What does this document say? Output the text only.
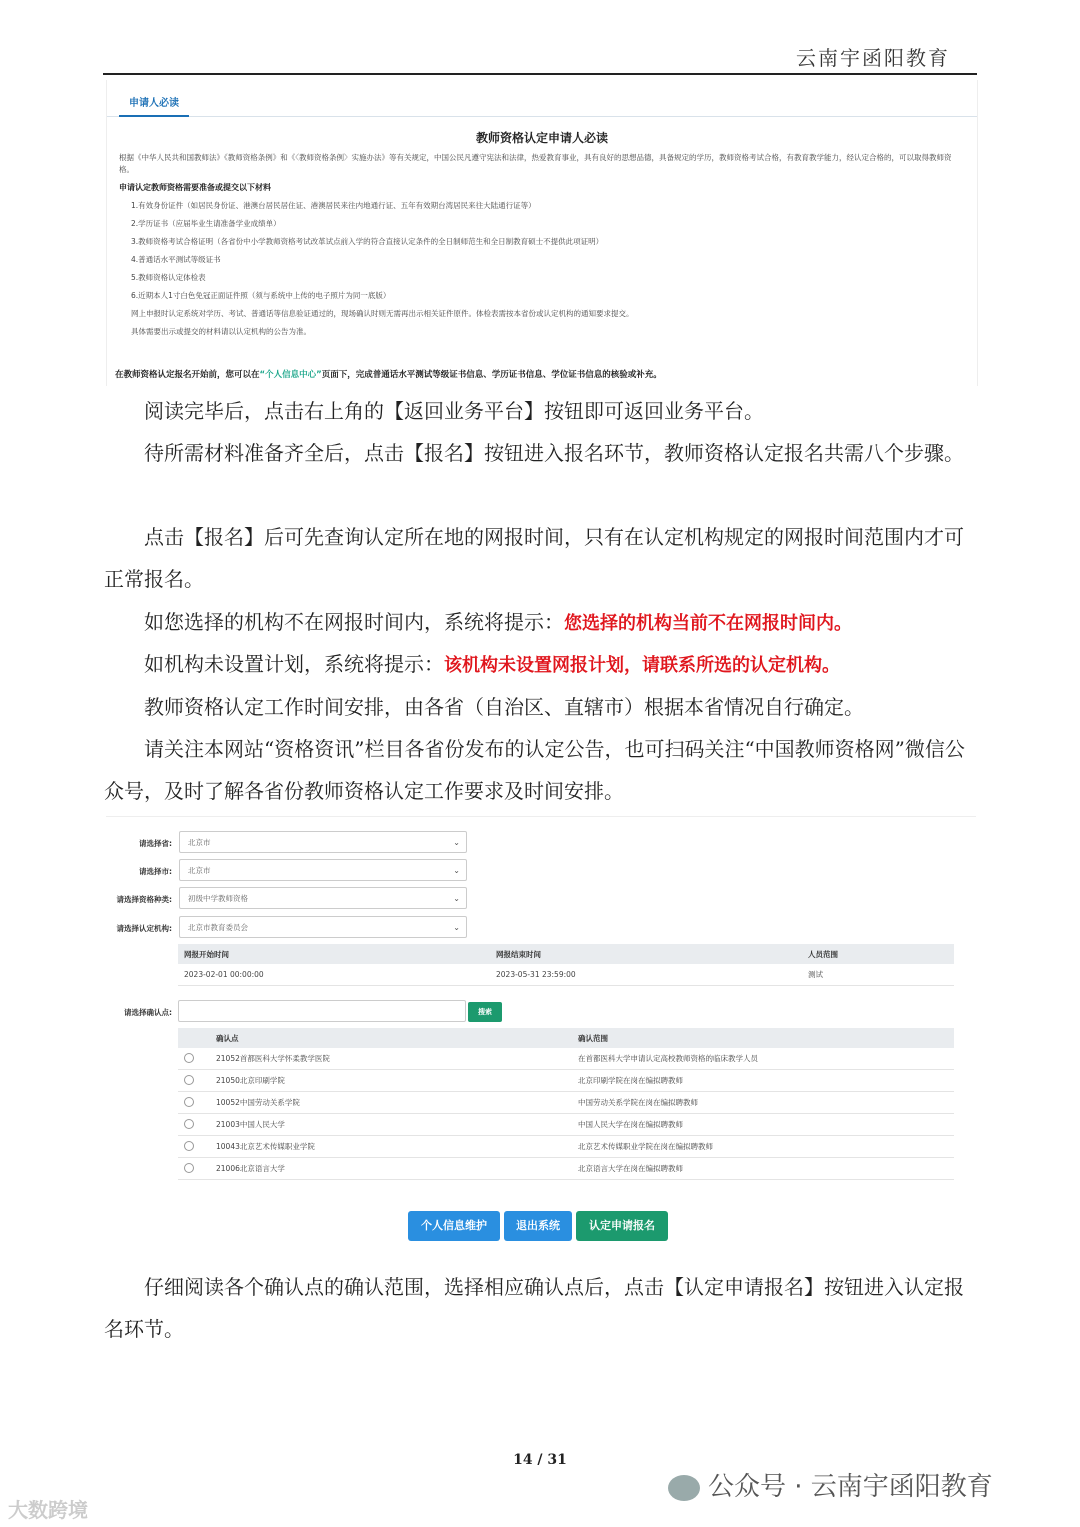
云南宇函阳教育
申请人必读
教师资格认定申请人必读
根据《中华人民共和国教师法》《教师资格条例》和《〈教师资格条例〉实施办法》等有关规定，中国公民凡遵守宪法和法律，热爱教育事业，具有良好的思想品德，具备规定的学历，教师资格考试合格，有教育教学能力，经认定合格的，可以取得教师资格。
申请认定教师资格需要准备或提交以下材料
1.有效身份证件（如居民身份证、港澳台居民居住证、港澳居民来往内地通行证、五年有效期台湾居民来往大陆通行证等）
2.学历证书（应届毕业生请准备学业成绩单）
3.教师资格考试合格证明（各省份中小学教师资格考试改革试点前入学的符合直接认定条件的全日制师范生和全日制教育硕士不提供此项证明）
4.普通话水平测试等级证书
5.教师资格认定体检表
6.近期本人1寸白色免冠正面证件照（须与系统中上传的电子照片为同一底版）
网上申报时认定系统对学历、考试、普通话等信息验证通过的，现场确认时则无需再出示相关证件原件。体检表需按本省份或认定机构的通知要求提交。
具体需要出示或提交的材料请以认定机构的公告为准。
在教师资格认定报名开始前，您可以在“个人信息中心”页面下，完成普通话水平测试等级证书信息、学历证书信息、学位证书信息的核验或补充。
阅读完毕后，点击右上角的【返回业务平台】按钮即可返回业务平台。
待所需材料准备齐全后，点击【报名】按钮进入报名环节，教师资格认定报名共需八个步骤。
点击【报名】后可先查询认定所在地的网报时间，只有在认定机构规定的网报时间范围内才可正常报名。
如您选择的机构不在网报时间内，系统将提示：您选择的机构当前不在网报时间内。
如机构未设置计划，系统将提示：该机构未设置网报计划，请联系所选的认定机构。
教师资格认定工作时间安排，由各省（自治区、直辖市）根据本省情况自行确定。
请关注本网站“资格资讯”栏目各省份发布的认定公告，也可扫码关注“中国教师资格网”微信公众号，及时了解各省份教师资格认定工作要求及时间安排。
请选择省:	北京市	⌄
请选择市:	北京市	⌄
请选择资格种类:	初级中学教师资格	⌄
请选择认定机构:	北京市教育委员会	⌄
网报开始时间	网报结束时间	人员范围
2023-02-01 00:00:00	2023-05-31 23:59:00	测试
请选择确认点:	搜索
	确认点	确认范围
	21052首都医科大学怀柔教学医院	在首都医科大学申请认定高校教师资格的临床教学人员
	21050北京印刷学院	北京印刷学院在岗在编拟聘教师
	10052中国劳动关系学院	中国劳动关系学院在岗在编拟聘教师
	21003中国人民大学	中国人民大学在岗在编拟聘教师
	10043北京艺术传媒职业学院	北京艺术传媒职业学院在岗在编拟聘教师
	21006北京语言大学	北京语言大学在岗在编拟聘教师
个人信息维护	退出系统	认定申请报名
仔细阅读各个确认点的确认范围，选择相应确认点后，点击【认定申请报名】按钮进入认定报名环节。
14 / 31
公众号 · 云南宇函阳教育
大数跨境
